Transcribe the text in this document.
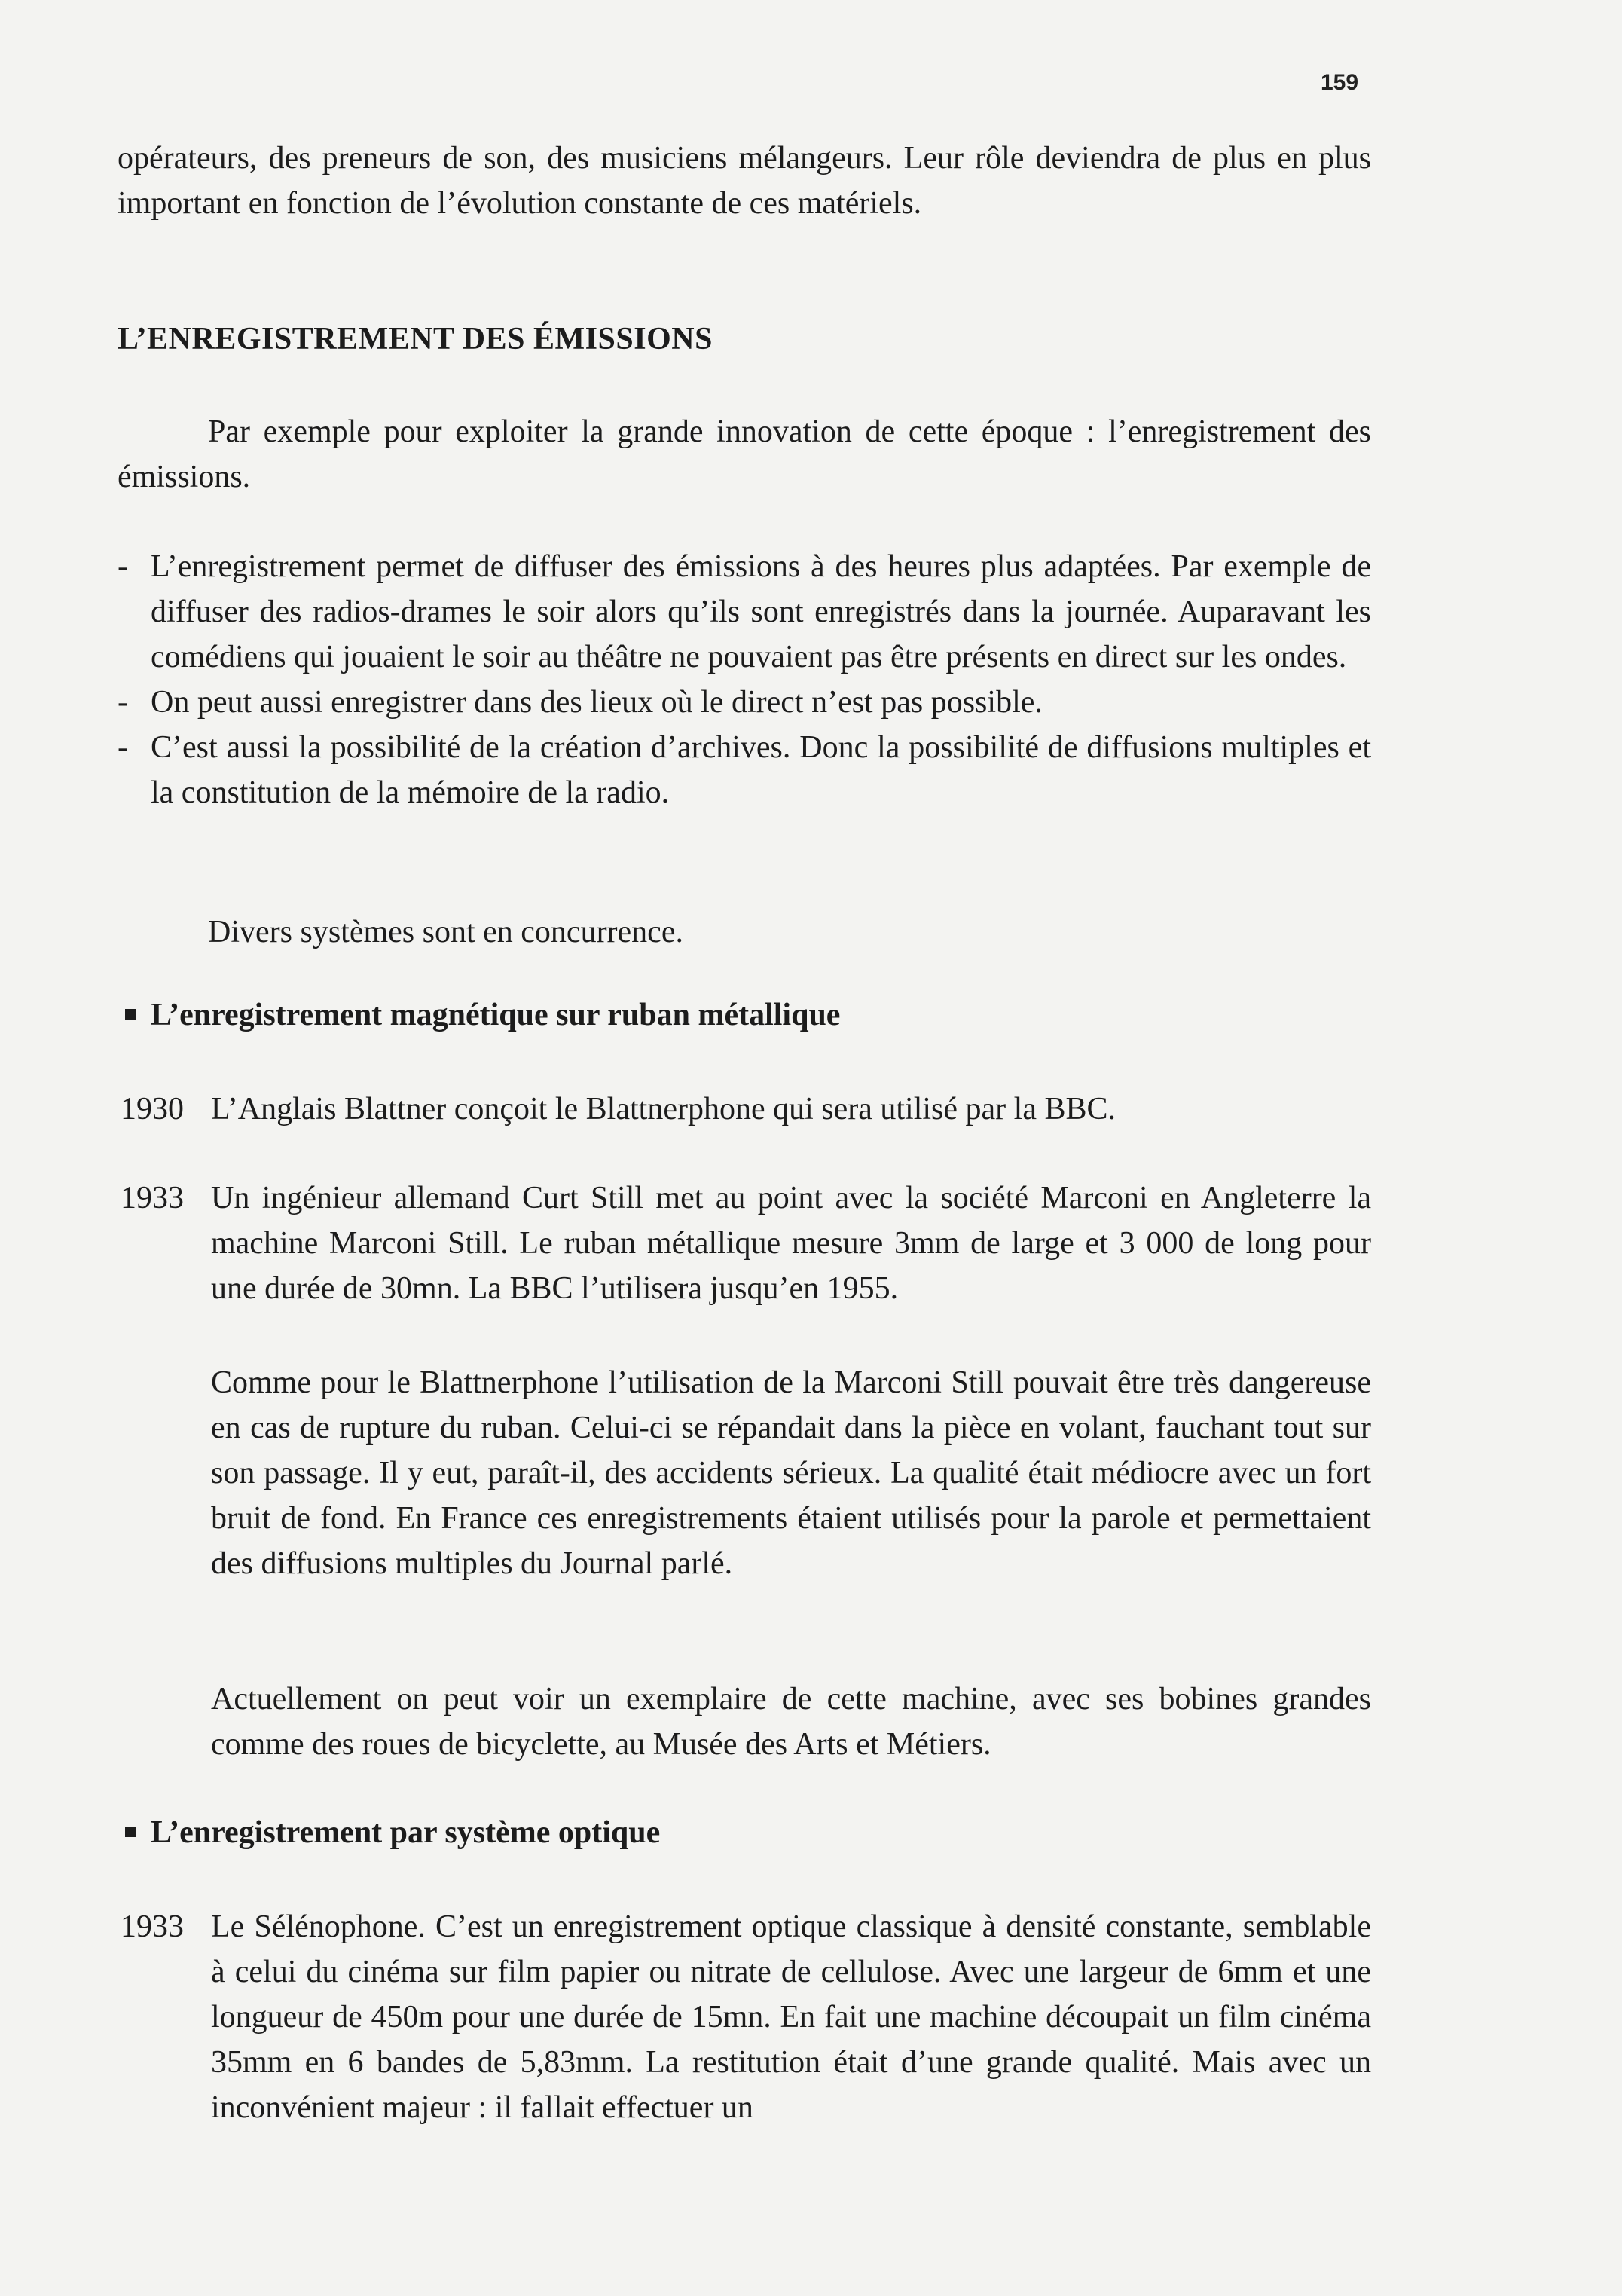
159

opérateurs, des preneurs de son, des musiciens mélangeurs. Leur rôle deviendra de plus en plus important en fonction de l’évolution constante de ces matériels.

L’ENREGISTREMENT DES ÉMISSIONS

Par exemple pour exploiter la grande innovation de cette époque : l’enregistrement des émissions.

- L’enregistrement permet de diffuser des émissions à des heures plus adaptées. Par exemple de diffuser des radios-drames le soir alors qu’ils sont enregistrés dans la journée. Auparavant les comédiens qui jouaient le soir au théâtre ne pouvaient pas être présents en direct sur les ondes.
- On peut aussi enregistrer dans des lieux où le direct n’est pas possible.
- C’est aussi la possibilité de la création d’archives. Donc la possibilité de diffusions multiples et la constitution de la mémoire de la radio.

Divers systèmes sont en concurrence.

L’enregistrement magnétique sur ruban métallique
1930 L’Anglais Blattner conçoit le Blattnerphone qui sera utilisé par la BBC.
1933 Un ingénieur allemand Curt Still met au point avec la société Marconi en Angleterre la machine Marconi Still. Le ruban métallique mesure 3mm de large et 3 000 de long pour une durée de 30mn. La BBC l’utilisera jusqu’en 1955.

Comme pour le Blattnerphone l’utilisation de la Marconi Still pouvait être très dangereuse en cas de rupture du ruban. Celui-ci se répandait dans la pièce en volant, fauchant tout sur son passage. Il y eut, paraît-il, des accidents sérieux. La qualité était médiocre avec un fort bruit de fond. En France ces enregistrements étaient utilisés pour la parole et permettaient des diffusions multiples du Journal parlé.

Actuellement on peut voir un exemplaire de cette machine, avec ses bobines grandes comme des roues de bicyclette, au Musée des Arts et Métiers.

L’enregistrement par système optique
1933 Le Sélénophone. C’est un enregistrement optique classique à densité constante, semblable à celui du cinéma sur film papier ou nitrate de cellulose. Avec une largeur de 6mm et une longueur de 450m pour une durée de 15mn. En fait une machine découpait un film cinéma 35mm en 6 bandes de 5,83mm. La restitution était d’une grande qualité. Mais avec un inconvénient majeur : il fallait effectuer un
